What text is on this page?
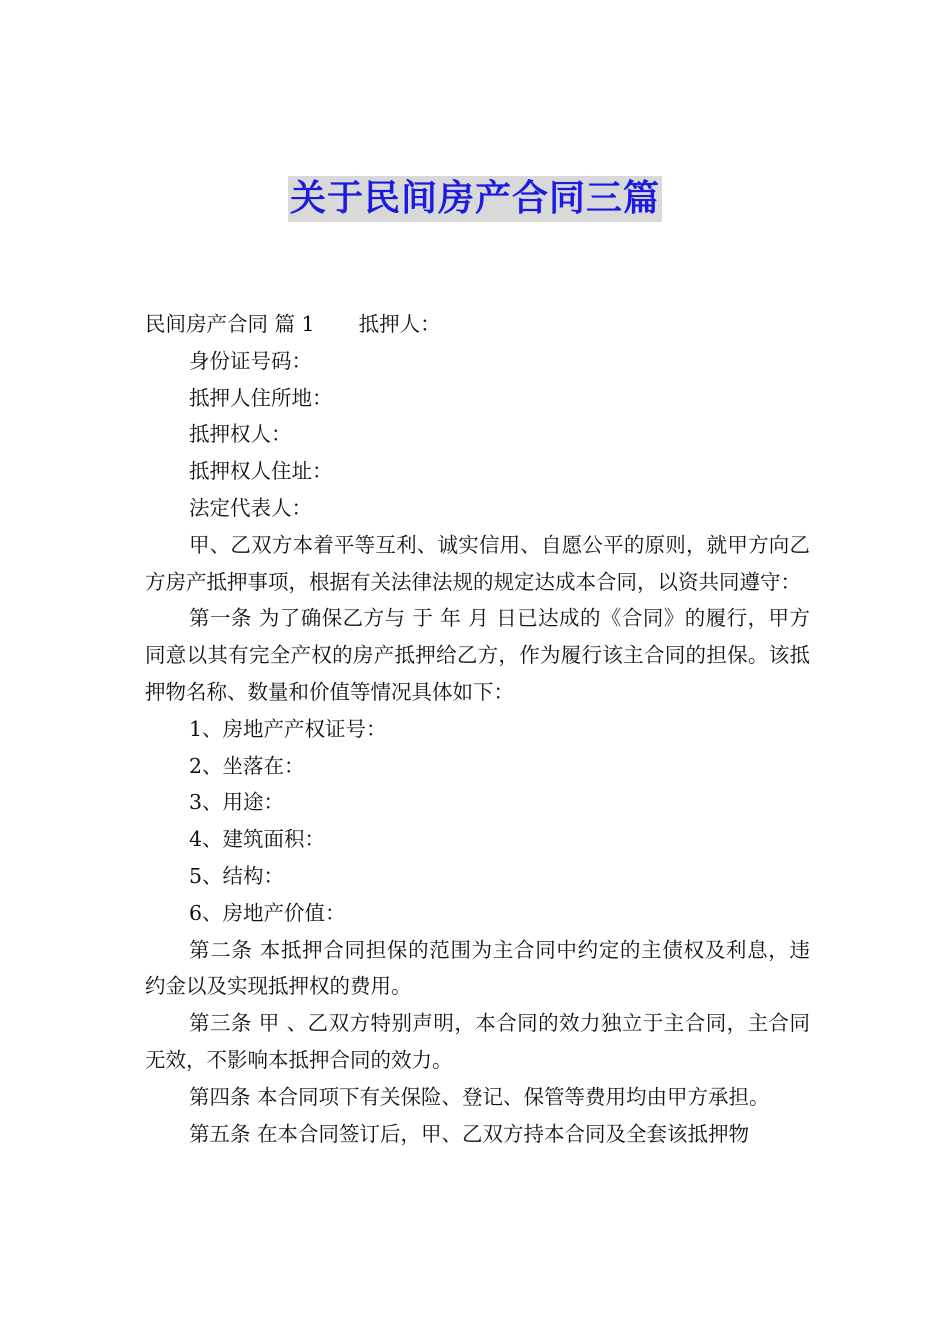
关于民间房产合同三篇

民间房产合同 篇 1 抵押人：

身份证号码：

抵押人住所地：

抵押权人：

抵押权人住址：

法定代表人：

甲、乙双方本着平等互利、诚实信用、自愿公平的原则，就甲方向乙方房产抵押事项，根据有关法律法规的规定达成本合同，以资共同遵守：

第一条 为了确保乙方与 于 年 月 日已达成的《合同》的履行，甲方同意以其有完全产权的房产抵押给乙方，作为履行该主合同的担保。该抵押物名称、数量和价值等情况具体如下：

1、房地产产权证号：

2、坐落在：

3、用途：

4、建筑面积：

5、结构：

6、房地产价值：

第二条 本抵押合同担保的范围为主合同中约定的主债权及利息，违约金以及实现抵押权的费用。

第三条 甲 、乙双方特别声明，本合同的效力独立于主合同，主合同无效，不影响本抵押合同的效力。

第四条 本合同项下有关保险、登记、保管等费用均由甲方承担。

第五条 在本合同签订后，甲、乙双方持本合同及全套该抵押物
